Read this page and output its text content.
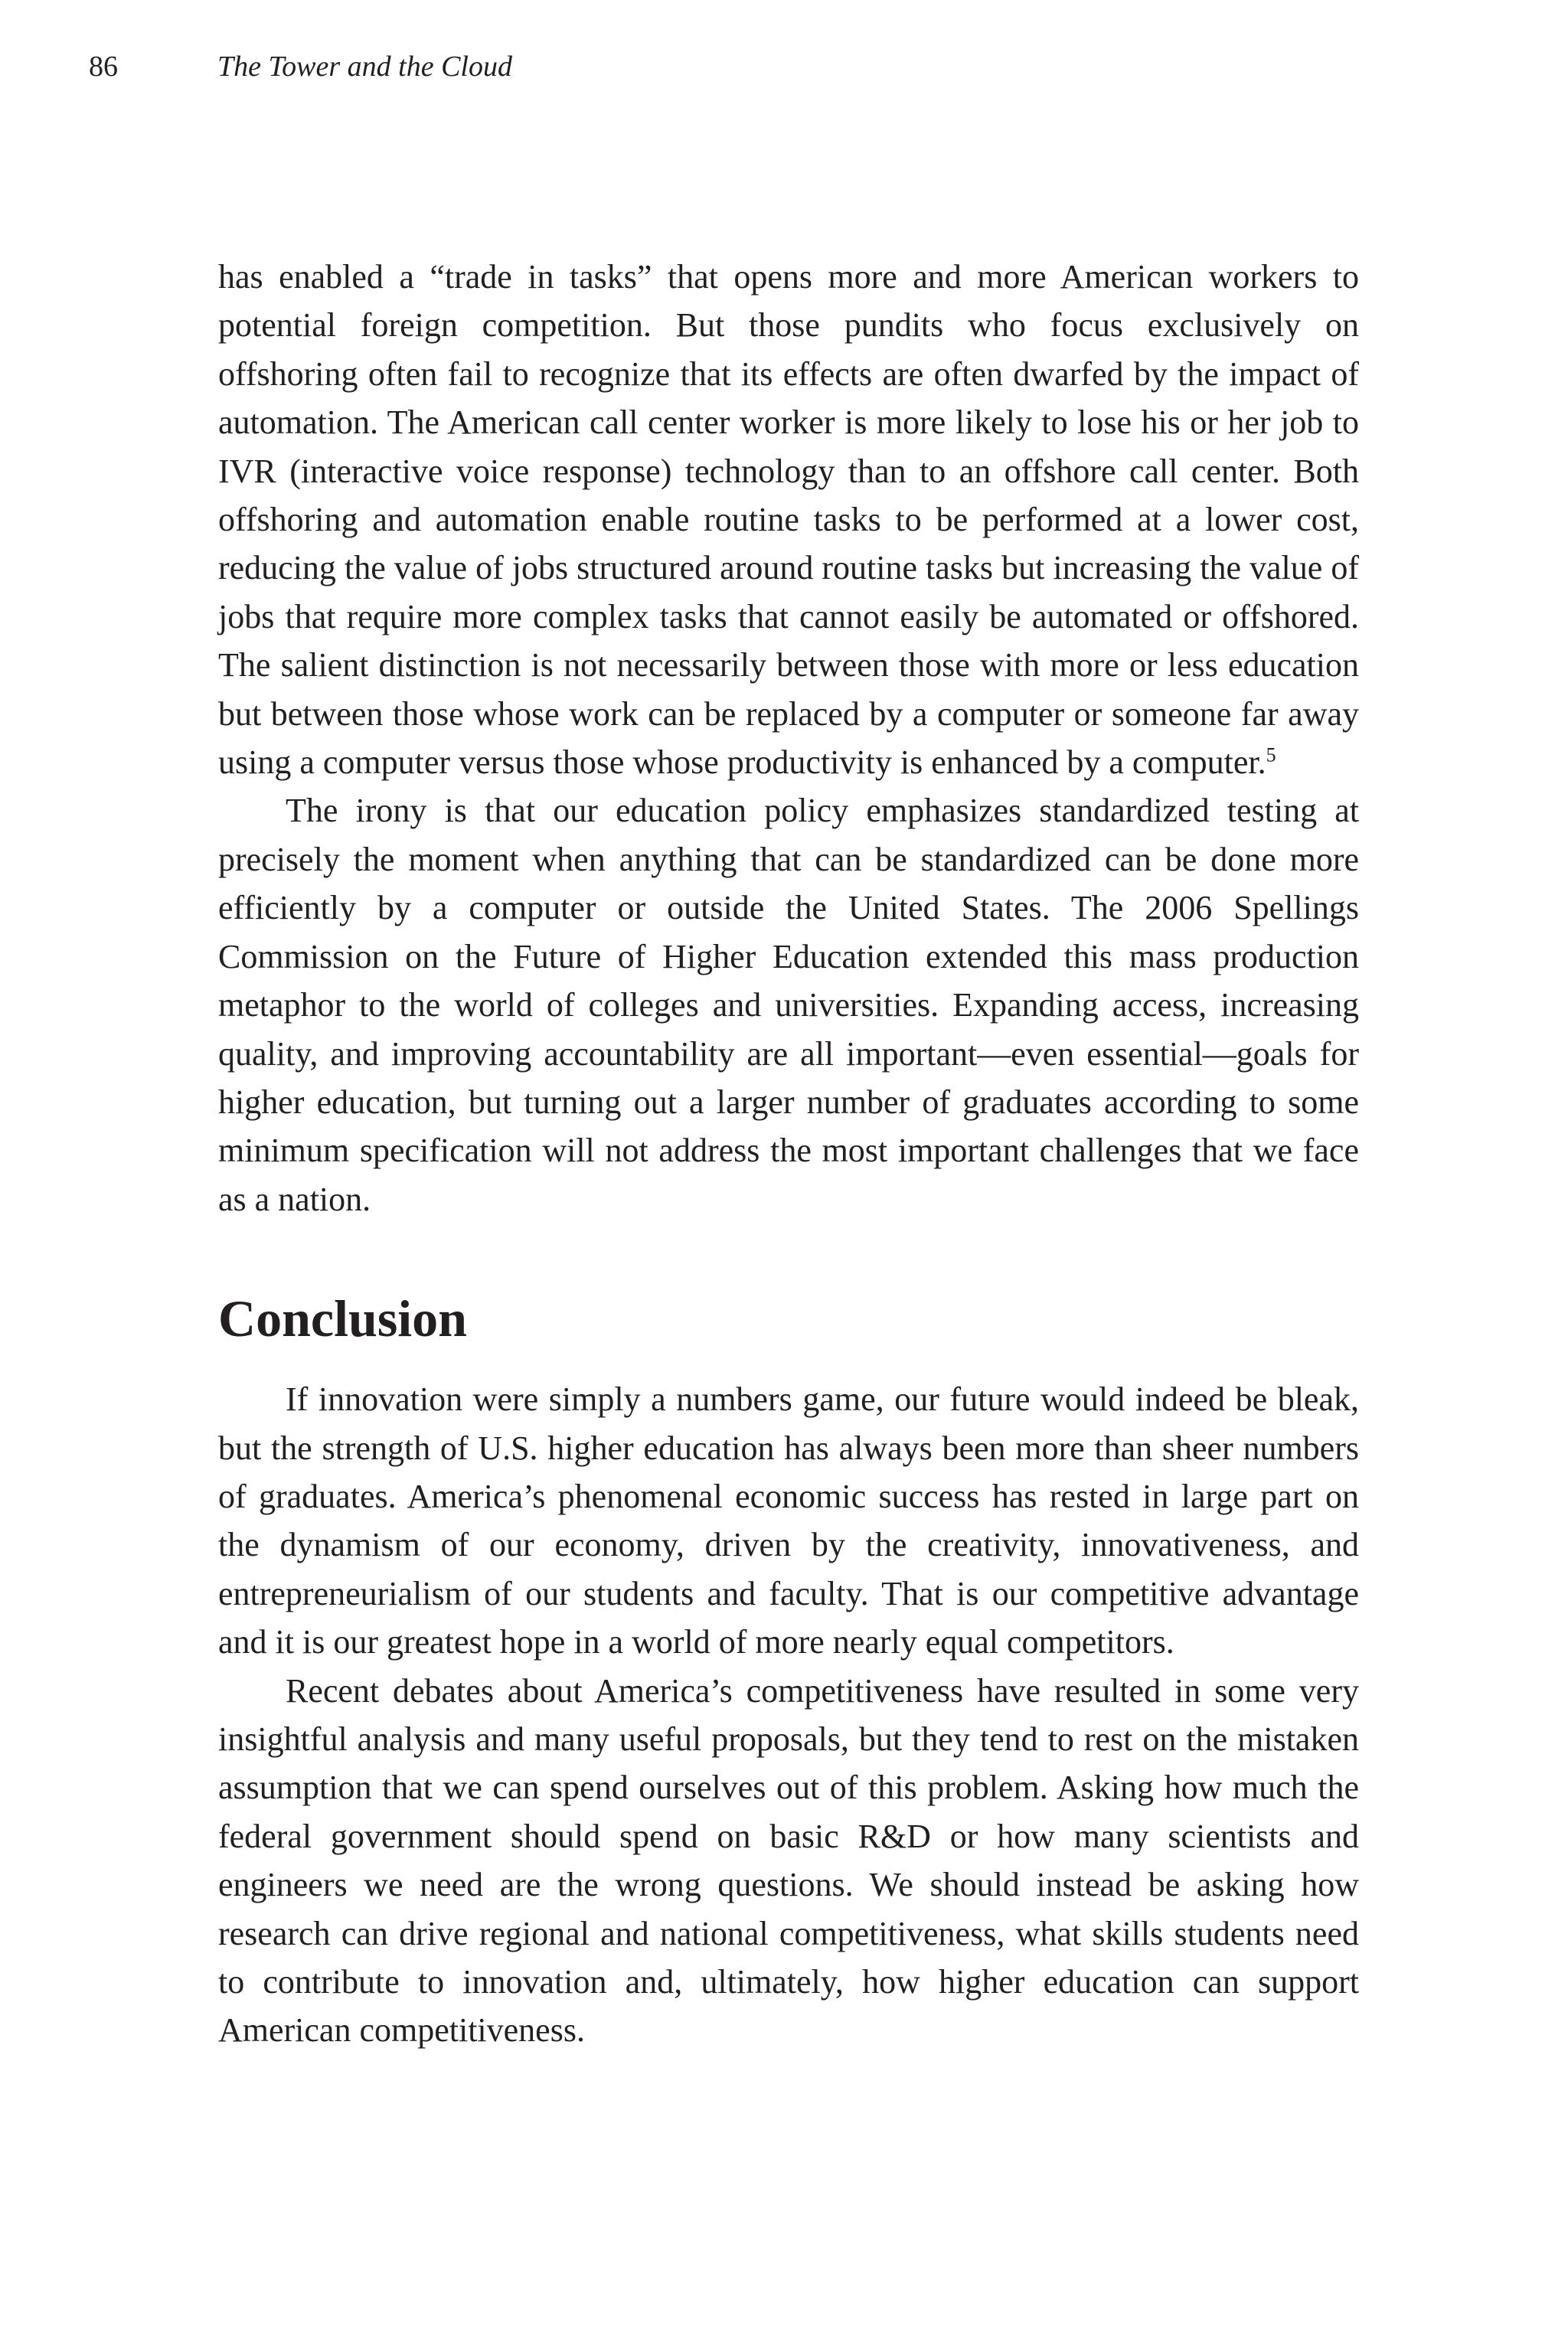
86	The Tower and the Cloud

has enabled a “trade in tasks” that opens more and more American workers to potential foreign competition. But those pundits who focus exclusively on offshoring often fail to recognize that its effects are often dwarfed by the impact of automation. The American call center worker is more likely to lose his or her job to IVR (interactive voice response) technology than to an offshore call center. Both offshoring and automation enable routine tasks to be performed at a lower cost, reducing the value of jobs structured around routine tasks but increasing the value of jobs that require more complex tasks that cannot easily be automated or offshored. The salient distinction is not necessarily between those with more or less education but between those whose work can be replaced by a computer or someone far away using a computer versus those whose productivity is enhanced by a computer.$^5$

The irony is that our education policy emphasizes standardized testing at precisely the moment when anything that can be standardized can be done more efficiently by a computer or outside the United States. The 2006 Spellings Commission on the Future of Higher Education extended this mass production metaphor to the world of colleges and universities. Expanding access, increasing quality, and improving accountability are all important—even essential—goals for higher education, but turning out a larger number of graduates according to some minimum specification will not address the most important challenges that we face as a nation.

Conclusion

If innovation were simply a numbers game, our future would indeed be bleak, but the strength of U.S. higher education has always been more than sheer numbers of graduates. America’s phenomenal economic success has rested in large part on the dynamism of our economy, driven by the creativity, innovativeness, and entrepreneurialism of our students and faculty. That is our competitive advantage and it is our greatest hope in a world of more nearly equal competitors.

Recent debates about America’s competitiveness have resulted in some very insightful analysis and many useful proposals, but they tend to rest on the mistaken assumption that we can spend ourselves out of this problem. Asking how much the federal government should spend on basic R&D or how many scientists and engineers we need are the wrong questions. We should instead be asking how research can drive regional and national competitiveness, what skills students need to contribute to innovation and, ultimately, how higher education can support American competitiveness.
